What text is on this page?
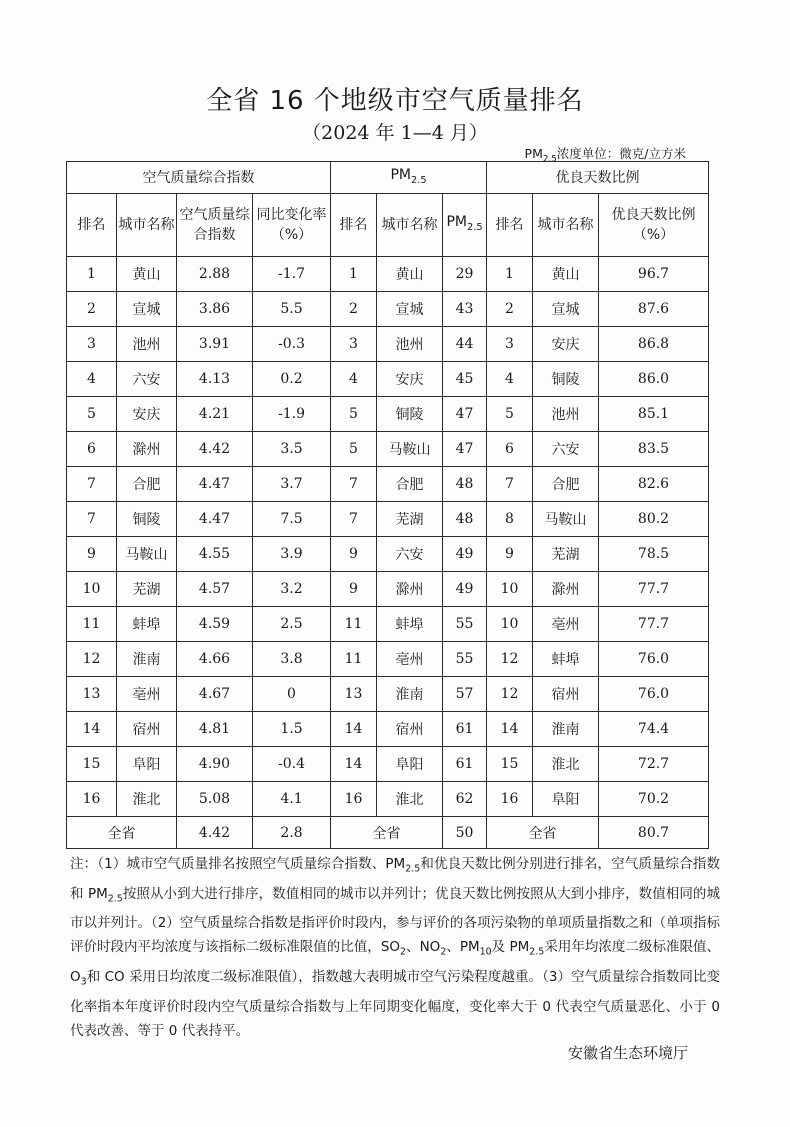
全省 16 个地级市空气质量排名
（2024 年 1—4 月）
$PM_{2.5}$浓度单位：微克/立方米
空气质量综合指数				$PM_{2.5}$			优良天数比例		
排名	城市名称	空气质量综合指数	同比变化率（%）	排名	城市名称	$PM_{2.5}$	排名	城市名称	优良天数比例（%）
1	黄山	2.88	-1.7	1	黄山	29	1	黄山	96.7
2	宣城	3.86	5.5	2	宣城	43	2	宣城	87.6
3	池州	3.91	-0.3	3	池州	44	3	安庆	86.8
4	六安	4.13	0.2	4	安庆	45	4	铜陵	86.0
5	安庆	4.21	-1.9	5	铜陵	47	5	池州	85.1
6	滁州	4.42	3.5	5	马鞍山	47	6	六安	83.5
7	合肥	4.47	3.7	7	合肥	48	7	合肥	82.6
7	铜陵	4.47	7.5	7	芜湖	48	8	马鞍山	80.2
9	马鞍山	4.55	3.9	9	六安	49	9	芜湖	78.5
10	芜湖	4.57	3.2	9	滁州	49	10	滁州	77.7
11	蚌埠	4.59	2.5	11	蚌埠	55	10	亳州	77.7
12	淮南	4.66	3.8	11	亳州	55	12	蚌埠	76.0
13	亳州	4.67	0	13	淮南	57	12	宿州	76.0
14	宿州	4.81	1.5	14	宿州	61	14	淮南	74.4
15	阜阳	4.90	-0.4	14	阜阳	61	15	淮北	72.7
16	淮北	5.08	4.1	16	淮北	62	16	阜阳	70.2
全省		4.42	2.8	全省		50	全省		80.7
注：（1）城市空气质量排名按照空气质量综合指数、$PM_{2.5}$和优良天数比例分别进行排名，空气质量综合指数和 $PM_{2.5}$按照从小到大进行排序，数值相同的城市以并列计；优良天数比例按照从大到小排序，数值相同的城市以并列计。（2）空气质量综合指数是指评价时段内，参与评价的各项污染物的单项质量指数之和（单项指标评价时段内平均浓度与该指标二级标准限值的比值，$SO_2$、$NO_2$、$PM_{10}$及 $PM_{2.5}$采用年均浓度二级标准限值、$O_3$和 CO 采用日均浓度二级标准限值），指数越大表明城市空气污染程度越重。（3）空气质量综合指数同比变化率指本年度评价时段内空气质量综合指数与上年同期变化幅度，变化率大于 0 代表空气质量恶化、小于 0 代表改善、等于 0 代表持平。
安徽省生态环境厅
